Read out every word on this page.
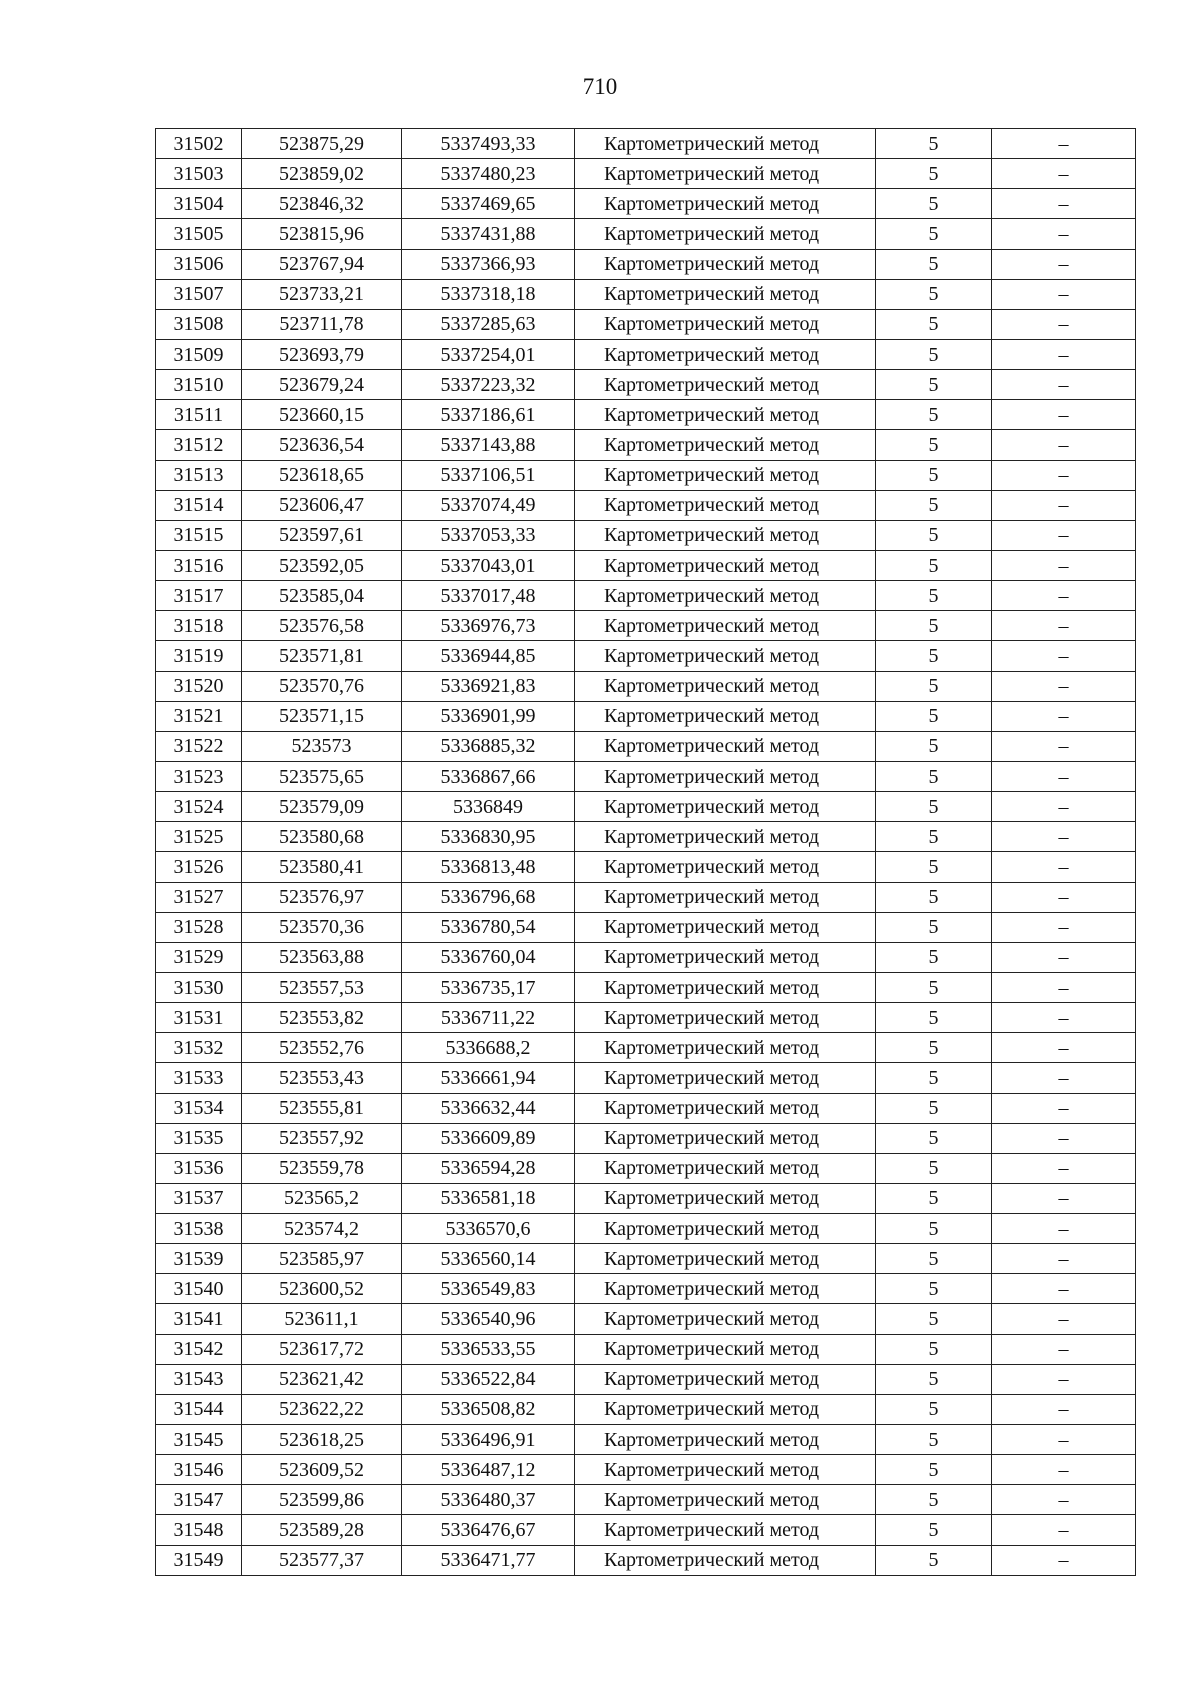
710
31502	523875,29	5337493,33	Картометрический метод	5	–
31503	523859,02	5337480,23	Картометрический метод	5	–
31504	523846,32	5337469,65	Картометрический метод	5	–
31505	523815,96	5337431,88	Картометрический метод	5	–
31506	523767,94	5337366,93	Картометрический метод	5	–
31507	523733,21	5337318,18	Картометрический метод	5	–
31508	523711,78	5337285,63	Картометрический метод	5	–
31509	523693,79	5337254,01	Картометрический метод	5	–
31510	523679,24	5337223,32	Картометрический метод	5	–
31511	523660,15	5337186,61	Картометрический метод	5	–
31512	523636,54	5337143,88	Картометрический метод	5	–
31513	523618,65	5337106,51	Картометрический метод	5	–
31514	523606,47	5337074,49	Картометрический метод	5	–
31515	523597,61	5337053,33	Картометрический метод	5	–
31516	523592,05	5337043,01	Картометрический метод	5	–
31517	523585,04	5337017,48	Картометрический метод	5	–
31518	523576,58	5336976,73	Картометрический метод	5	–
31519	523571,81	5336944,85	Картометрический метод	5	–
31520	523570,76	5336921,83	Картометрический метод	5	–
31521	523571,15	5336901,99	Картометрический метод	5	–
31522	523573	5336885,32	Картометрический метод	5	–
31523	523575,65	5336867,66	Картометрический метод	5	–
31524	523579,09	5336849	Картометрический метод	5	–
31525	523580,68	5336830,95	Картометрический метод	5	–
31526	523580,41	5336813,48	Картометрический метод	5	–
31527	523576,97	5336796,68	Картометрический метод	5	–
31528	523570,36	5336780,54	Картометрический метод	5	–
31529	523563,88	5336760,04	Картометрический метод	5	–
31530	523557,53	5336735,17	Картометрический метод	5	–
31531	523553,82	5336711,22	Картометрический метод	5	–
31532	523552,76	5336688,2	Картометрический метод	5	–
31533	523553,43	5336661,94	Картометрический метод	5	–
31534	523555,81	5336632,44	Картометрический метод	5	–
31535	523557,92	5336609,89	Картометрический метод	5	–
31536	523559,78	5336594,28	Картометрический метод	5	–
31537	523565,2	5336581,18	Картометрический метод	5	–
31538	523574,2	5336570,6	Картометрический метод	5	–
31539	523585,97	5336560,14	Картометрический метод	5	–
31540	523600,52	5336549,83	Картометрический метод	5	–
31541	523611,1	5336540,96	Картометрический метод	5	–
31542	523617,72	5336533,55	Картометрический метод	5	–
31543	523621,42	5336522,84	Картометрический метод	5	–
31544	523622,22	5336508,82	Картометрический метод	5	–
31545	523618,25	5336496,91	Картометрический метод	5	–
31546	523609,52	5336487,12	Картометрический метод	5	–
31547	523599,86	5336480,37	Картометрический метод	5	–
31548	523589,28	5336476,67	Картометрический метод	5	–
31549	523577,37	5336471,77	Картометрический метод	5	–
